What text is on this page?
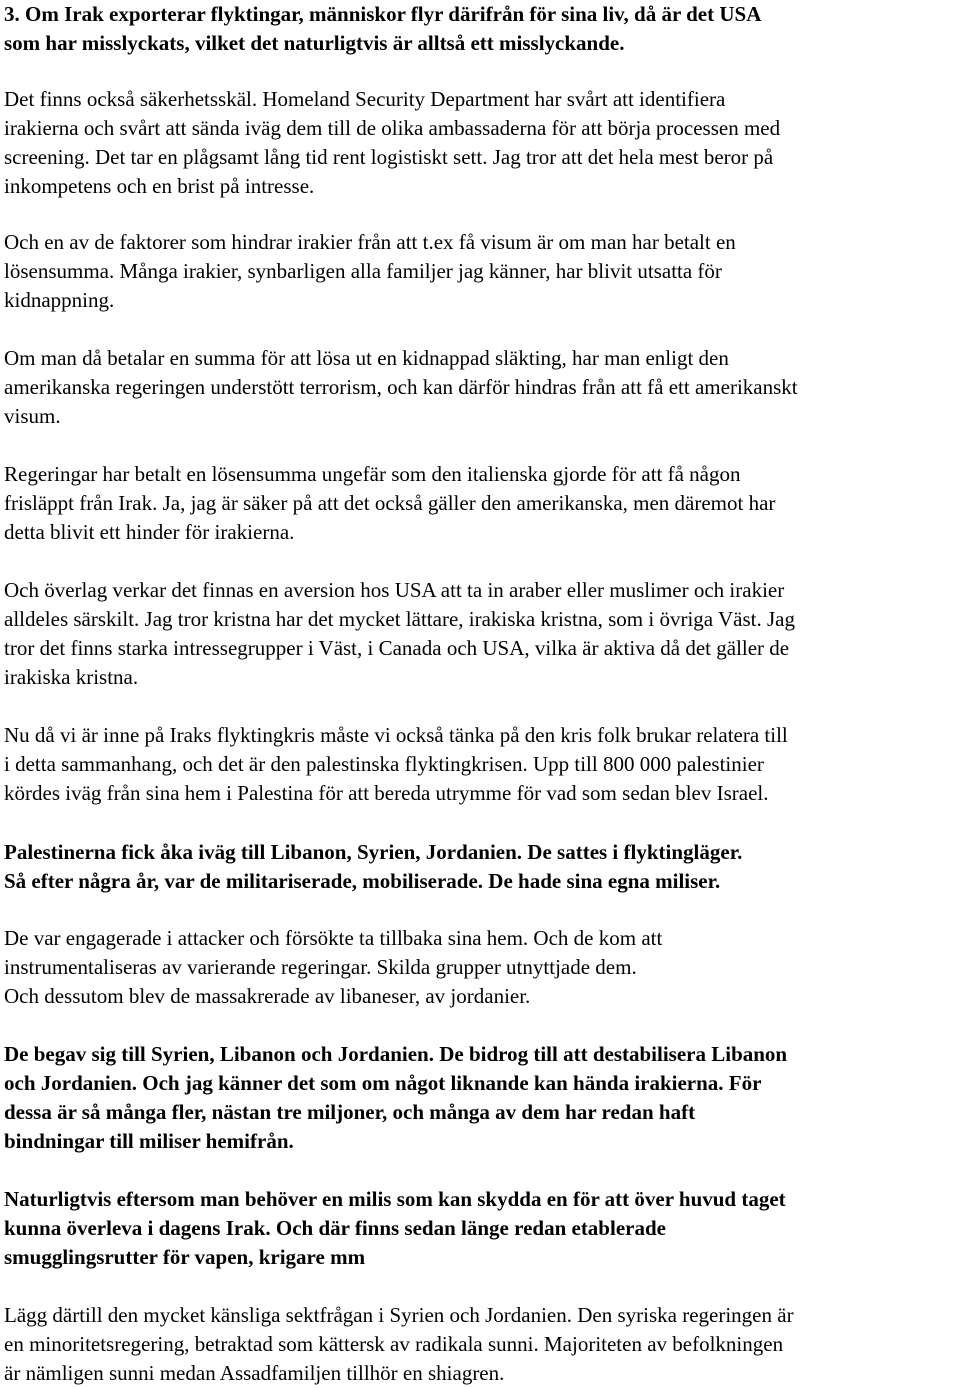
3. Om Irak exporterar flyktingar, människor flyr därifrån för sina liv, då är det USA
som har misslyckats, vilket det naturligtvis är alltså ett misslyckande.
Det finns också säkerhetsskäl. Homeland Security Department har svårt att identifiera
irakierna och svårt att sända iväg dem till de olika ambassaderna för att börja processen med
screening. Det tar en plågsamt lång tid rent logistiskt sett. Jag tror att det hela mest beror på
inkompetens och en brist på intresse.
Och en av de faktorer som hindrar irakier från att t.ex få visum är om man har betalt en
lösensumma. Många irakier, synbarligen alla familjer jag känner, har blivit utsatta för
kidnappning.
Om man då betalar en summa för att lösa ut en kidnappad släkting, har man enligt den
amerikanska regeringen understött terrorism, och kan därför hindras från att få ett amerikanskt
visum.
Regeringar har betalt en lösensumma ungefär som den italienska gjorde för att få någon
frisläppt från Irak. Ja, jag är säker på att det också gäller den amerikanska, men däremot har
detta blivit ett hinder för irakierna.
Och överlag verkar det finnas en aversion hos USA att ta in araber eller muslimer och irakier
alldeles särskilt. Jag tror kristna har det mycket lättare, irakiska kristna, som i övriga Väst. Jag
tror det finns starka intressegrupper i Väst, i Canada och USA, vilka är aktiva då det gäller de
irakiska kristna.
Nu då vi är inne på Iraks flyktingkris måste vi också tänka på den kris folk brukar relatera till
i detta sammanhang, och det är den palestinska flyktingkrisen. Upp till 800 000 palestinier
kördes iväg från sina hem i Palestina för att bereda utrymme för vad som sedan blev Israel.
Palestinerna fick åka iväg till Libanon, Syrien, Jordanien. De sattes i flyktingläger.
Så efter några år, var de militariserade, mobiliserade. De hade sina egna miliser.
De var engagerade i attacker och försökte ta tillbaka sina hem. Och de kom att
instrumentaliseras av varierande regeringar. Skilda grupper utnyttjade dem.
Och dessutom blev de massakrerade av libaneser, av jordanier.
De begav sig till Syrien, Libanon och Jordanien. De bidrog till att destabilisera Libanon
och Jordanien. Och jag känner det som om något liknande kan hända irakierna. För
dessa är så många fler, nästan tre miljoner, och många av dem har redan haft
bindningar till miliser hemifrån.
Naturligtvis eftersom man behöver en milis som kan skydda en för att över huvud taget
kunna överleva i dagens Irak. Och där finns sedan länge redan etablerade
smugglingsrutter för vapen, krigare mm
Lägg därtill den mycket känsliga sektfrågan i Syrien och Jordanien. Den syriska regeringen är
en minoritetsregering, betraktad som kättersk av radikala sunni. Majoriteten av befolkningen
är nämligen sunni medan Assadfamiljen tillhör en shiagren.
